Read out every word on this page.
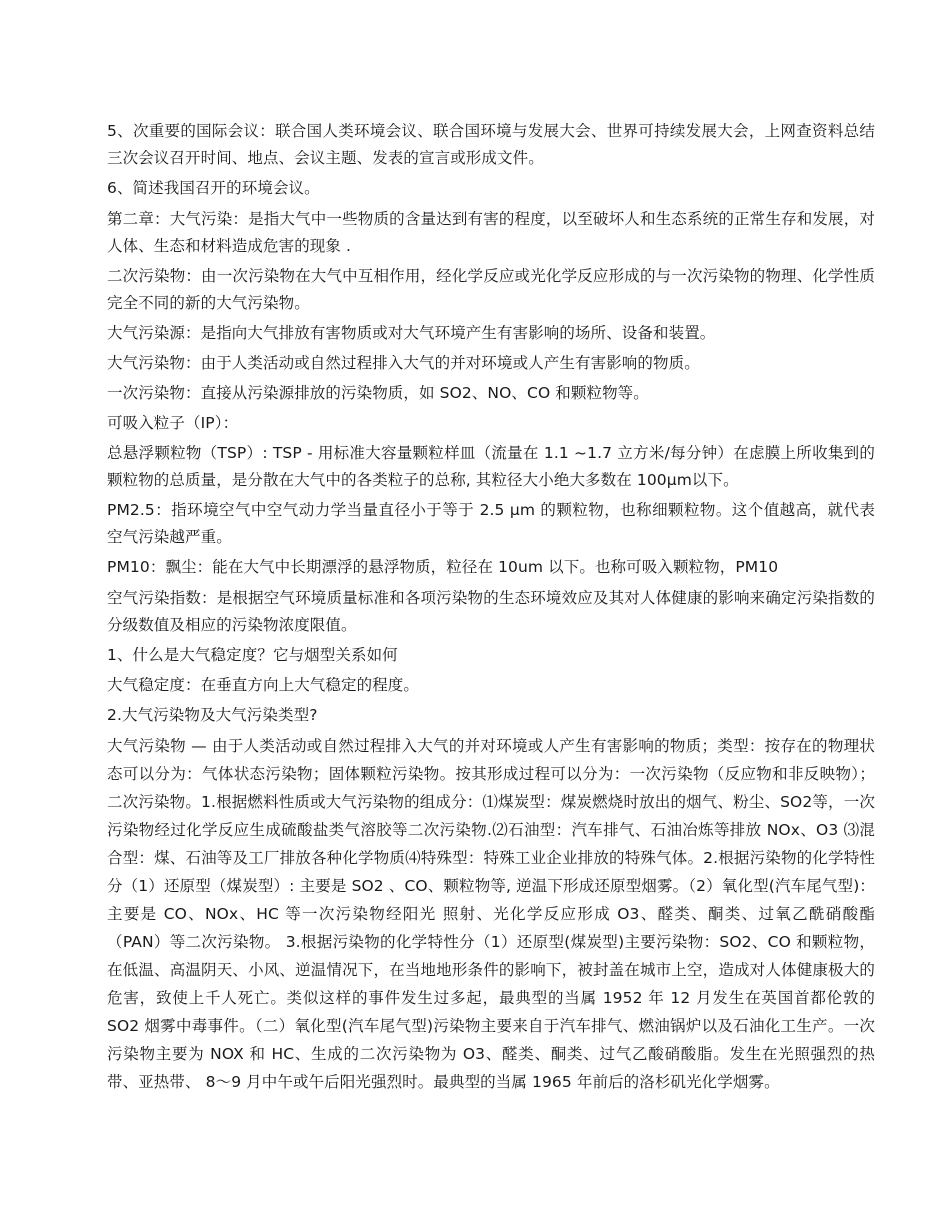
5、次重要的国际会议：联合国人类环境会议、联合国环境与发展大会、世界可持续发展大会，上网查资料总结三次会议召开时间、地点、会议主题、发表的宣言或形成文件。

6、简述我国召开的环境会议。

第二章：大气污染：是指大气中一些物质的含量达到有害的程度，以至破坏人和生态系统的正常生存和发展，对人体、生态和材料造成危害的现象 .

二次污染物：由一次污染物在大气中互相作用，经化学反应或光化学反应形成的与一次污染物的物理、化学性质完全不同的新的大气污染物。

大气污染源：是指向大气排放有害物质或对大气环境产生有害影响的场所、设备和装置。

大气污染物：由于人类活动或自然过程排入大气的并对环境或人产生有害影响的物质。

一次污染物：直接从污染源排放的污染物质，如 SO2、NO、CO 和颗粒物等。

可吸入粒子（IP）：

总悬浮颗粒物（TSP）: TSP - 用标准大容量颗粒样皿（流量在 1.1 ~1.7 立方米/每分钟）在虑膜上所收集到的颗粒物的总质量，是分散在大气中的各类粒子的总称, 其粒径大小绝大多数在 100μm以下。

PM2.5：指环境空气中空气动力学当量直径小于等于 2.5 μm 的颗粒物，也称细颗粒物。这个值越高，就代表空气污染越严重。

PM10：飘尘：能在大气中长期漂浮的悬浮物质，粒径在 10um 以下。也称可吸入颗粒物，PM10

空气污染指数：是根据空气环境质量标准和各项污染物的生态环境效应及其对人体健康的影响来确定污染指数的分级数值及相应的污染物浓度限值。

1、什么是大气稳定度？它与烟型关系如何

大气稳定度：在垂直方向上大气稳定的程度。

2.大气污染物及大气污染类型?

大气污染物 — 由于人类活动或自然过程排入大气的并对环境或人产生有害影响的物质；类型：按存在的物理状态可以分为：气体状态污染物；固体颗粒污染物。按其形成过程可以分为：一次污染物（反应物和非反映物）；二次污染物。1.根据燃料性质或大气污染物的组成分：⑴煤炭型：煤炭燃烧时放出的烟气、粉尘、SO2等，一次污染物经过化学反应生成硫酸盐类气溶胶等二次污染物.⑵石油型：汽车排气、石油冶炼等排放 NOx、O3 ⑶混合型：煤、石油等及工厂排放各种化学物质⑷特殊型：特殊工业企业排放的特殊气体。2.根据污染物的化学特性分（1）还原型（煤炭型）: 主要是 SO2 、CO、颗粒物等, 逆温下形成还原型烟雾。（2）氧化型(汽车尾气型)：主要是 CO、NOx、HC 等一次污染物经阳光 照射、光化学反应形成 O3、醛类、酮类、过氧乙酰硝酸酯（PAN）等二次污染物。 3.根据污染物的化学特性分（1）还原型(煤炭型)主要污染物：SO2、CO 和颗粒物，在低温、高温阴天、小风、逆温情况下，在当地地形条件的影响下，被封盖在城市上空，造成对人体健康极大的危害，致使上千人死亡。类似这样的事件发生过多起，最典型的当属 1952 年 12 月发生在英国首都伦敦的 SO2 烟雾中毒事件。（二）氧化型(汽车尾气型)污染物主要来自于汽车排气、燃油锅炉以及石油化工生产。一次污染物主要为 NOX 和 HC、生成的二次污染物为 O3、醛类、酮类、过气乙酸硝酸脂。发生在光照强烈的热带、亚热带、 8～9 月中午或午后阳光强烈时。最典型的当属 1965 年前后的洛杉矶光化学烟雾。
